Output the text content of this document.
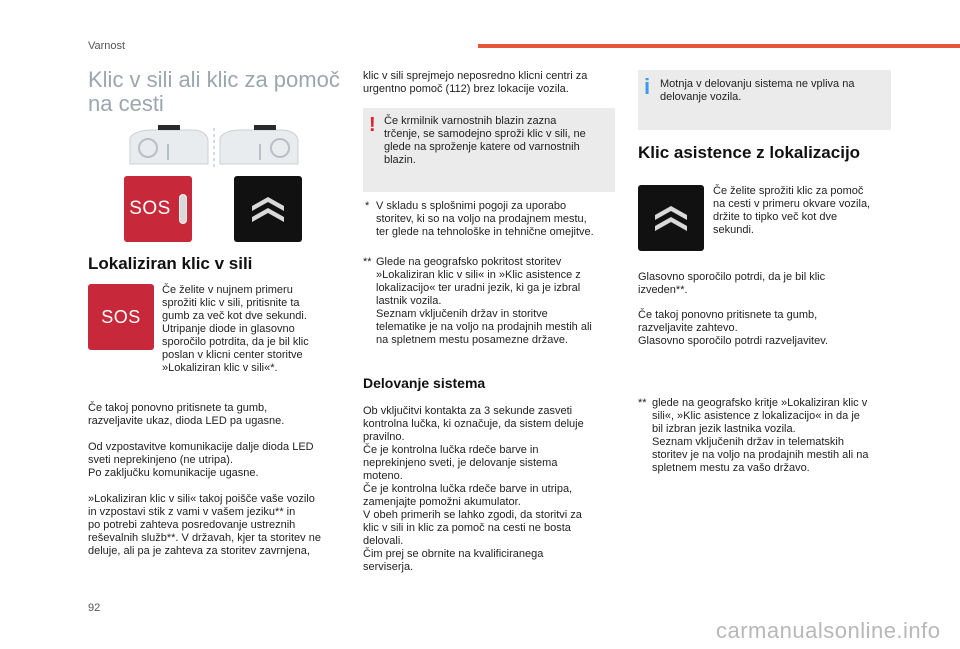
Varnost
Klic v sili ali klic za pomoč
na cesti
SOS
Lokaliziran klic v sili
SOS
Če želite v nujnem primeru
sprožiti klic v sili, pritisnite ta
gumb za več kot dve sekundi.
Utripanje diode in glasovno
sporočilo potrdita, da je bil klic
poslan v klicni center storitve
»Lokaliziran klic v sili«*.
Če takoj ponovno pritisnete ta gumb,
razveljavite ukaz, dioda LED pa ugasne.
Od vzpostavitve komunikacije dalje dioda LED
sveti neprekinjeno (ne utripa).
Po zaključku komunikacije ugasne.
»Lokaliziran klic v sili« takoj poišče vaše vozilo
in vzpostavi stik z vami v vašem jeziku** in
po potrebi zahteva posredovanje ustreznih
reševalnih služb**. V državah, kjer ta storitev ne
deluje, ali pa je zahteva za storitev zavrnjena,
klic v sili sprejmejo neposredno klicni centri za
urgentno pomoč (112) brez lokacije vozila.
! Če krmilnik varnostnih blazin zazna
trčenje, se samodejno sproži klic v sili, ne
glede na sproženje katere od varnostnih
blazin.
* V skladu s splošnimi pogoji za uporabo
storitev, ki so na voljo na prodajnem mestu,
ter glede na tehnološke in tehnične omejitve.
** Glede na geografsko pokritost storitev
»Lokaliziran klic v sili« in »Klic asistence z
lokalizacijo« ter uradni jezik, ki ga je izbral
lastnik vozila.
Seznam vključenih držav in storitve
telematike je na voljo na prodajnih mestih ali
na spletnem mestu posamezne države.
Delovanje sistema
Ob vključitvi kontakta za 3 sekunde zasveti
kontrolna lučka, ki označuje, da sistem deluje
pravilno.
Če je kontrolna lučka rdeče barve in
neprekinjeno sveti, je delovanje sistema
moteno.
Če je kontrolna lučka rdeče barve in utripa,
zamenjajte pomožni akumulator.
V obeh primerih se lahko zgodi, da storitvi za
klic v sili in klic za pomoč na cesti ne bosta
delovali.
Čim prej se obrnite na kvalificiranega
serviserja.
i Motnja v delovanju sistema ne vpliva na
delovanje vozila.
Klic asistence z lokalizacijo
Če želite sprožiti klic za pomoč
na cesti v primeru okvare vozila,
držite to tipko več kot dve
sekundi.
Glasovno sporočilo potrdi, da je bil klic
izveden**.
Če takoj ponovno pritisnete ta gumb,
razveljavite zahtevo.
Glasovno sporočilo potrdi razveljavitev.
** glede na geografsko kritje »Lokaliziran klic v
sili«, »Klic asistence z lokalizacijo« in da je
bil izbran jezik lastnika vozila.
Seznam vključenih držav in telematskih
storitev je na voljo na prodajnih mestih ali na
spletnem mestu za vašo državo.
92
carmanualsonline.info
